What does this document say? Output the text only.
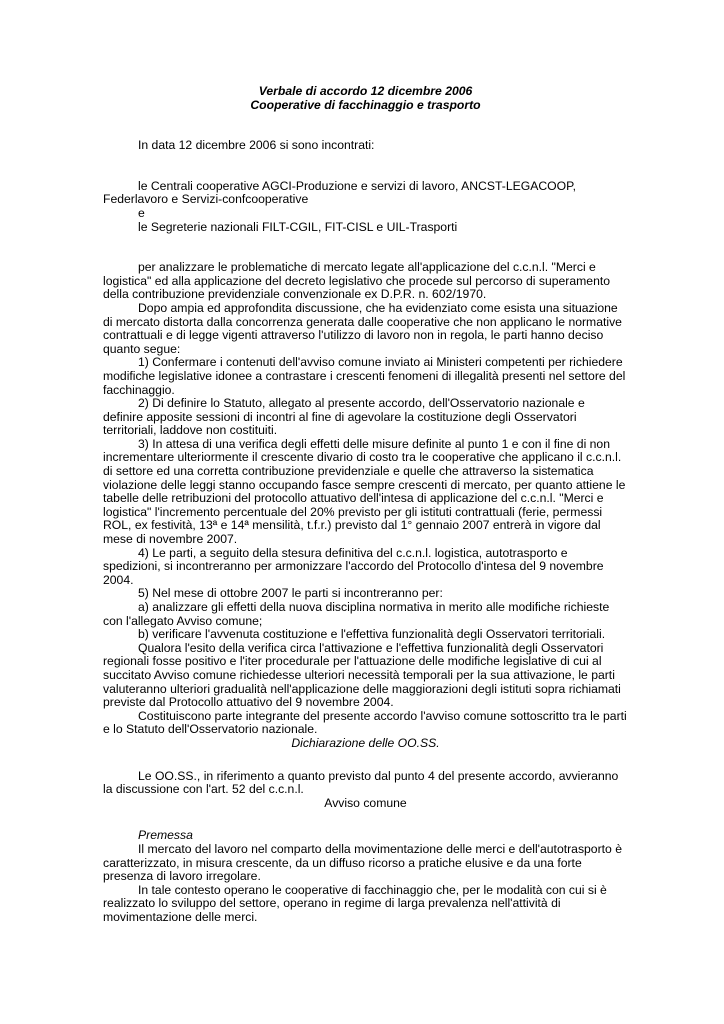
Verbale di accordo 12 dicembre 2006

Cooperative di facchinaggio e trasporto

In data 12 dicembre 2006 si sono incontrati:

le Centrali cooperative AGCI-Produzione e servizi di lavoro, ANCST-LEGACOOP, Federlavoro e Servizi-confcooperative

e

le Segreterie nazionali FILT-CGIL, FIT-CISL e UIL-Trasporti

per analizzare le problematiche di mercato legate all'applicazione del c.c.n.l. "Merci e logistica" ed alla applicazione del decreto legislativo che procede sul percorso di superamento della contribuzione previdenziale convenzionale ex D.P.R. n. 602/1970.

Dopo ampia ed approfondita discussione, che ha evidenziato come esista una situazione di mercato distorta dalla concorrenza generata dalle cooperative che non applicano le normative contrattuali e di legge vigenti attraverso l'utilizzo di lavoro non in regola, le parti hanno deciso quanto segue:

1) Confermare i contenuti dell'avviso comune inviato ai Ministeri competenti per richiedere modifiche legislative idonee a contrastare i crescenti fenomeni di illegalità presenti nel settore del facchinaggio.

2) Di definire lo Statuto, allegato al presente accordo, dell'Osservatorio nazionale e definire apposite sessioni di incontri al fine di agevolare la costituzione degli Osservatori territoriali, laddove non costituiti.

3) In attesa di una verifica degli effetti delle misure definite al punto 1 e con il fine di non incrementare ulteriormente il crescente divario di costo tra le cooperative che applicano il c.c.n.l. di settore ed una corretta contribuzione previdenziale e quelle che attraverso la sistematica violazione delle leggi stanno occupando fasce sempre crescenti di mercato, per quanto attiene le tabelle delle retribuzioni del protocollo attuativo dell'intesa di applicazione del c.c.n.l. "Merci e logistica" l'incremento percentuale del 20% previsto per gli istituti contrattuali (ferie, permessi ROL, ex festività, 13ª e 14ª mensilità, t.f.r.) previsto dal 1° gennaio 2007 entrerà in vigore dal mese di novembre 2007.

4) Le parti, a seguito della stesura definitiva del c.c.n.l. logistica, autotrasporto e spedizioni, si incontreranno per armonizzare l'accordo del Protocollo d'intesa del 9 novembre 2004.

5) Nel mese di ottobre 2007 le parti si incontreranno per:

a) analizzare gli effetti della nuova disciplina normativa in merito alle modifiche richieste con l'allegato Avviso comune;

b) verificare l'avvenuta costituzione e l'effettiva funzionalità degli Osservatori territoriali.

Qualora l'esito della verifica circa l'attivazione e l'effettiva funzionalità degli Osservatori regionali fosse positivo e l'iter procedurale per l'attuazione delle modifiche legislative di cui al succitato Avviso comune richiedesse ulteriori necessità temporali per la sua attivazione, le parti valuteranno ulteriori gradualità nell'applicazione delle maggiorazioni degli istituti sopra richiamati previste dal Protocollo attuativo del 9 novembre 2004.

Costituiscono parte integrante del presente accordo l'avviso comune sottoscritto tra le parti e lo Statuto dell'Osservatorio nazionale.

Dichiarazione delle OO.SS.

Le OO.SS., in riferimento a quanto previsto dal punto 4 del presente accordo, avvieranno la discussione con l'art. 52 del c.c.n.l.

Avviso comune

Premessa

Il mercato del lavoro nel comparto della movimentazione delle merci e dell'autotrasporto è caratterizzato, in misura crescente, da un diffuso ricorso a pratiche elusive e da una forte presenza di lavoro irregolare.

In tale contesto operano le cooperative di facchinaggio che, per le modalità con cui si è realizzato lo sviluppo del settore, operano in regime di larga prevalenza nell'attività di movimentazione delle merci.
